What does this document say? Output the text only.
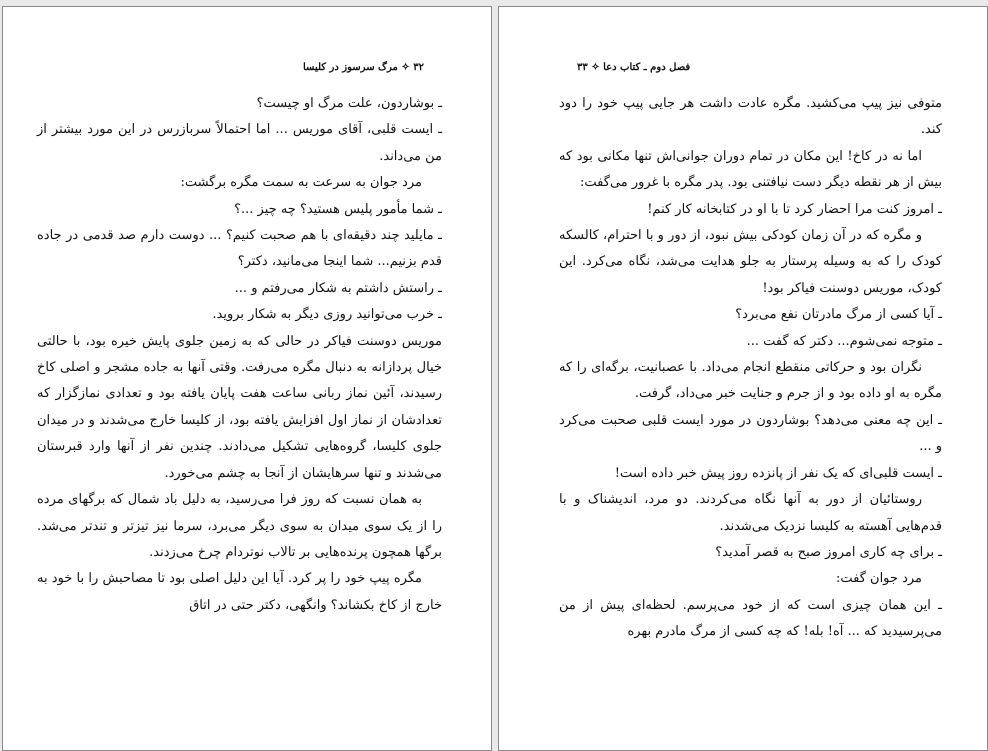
۳۲ ✧ مرگ سرسوز در کلیسا

ـ بوشاردون، علت مرگ او چیست؟

ـ ایست قلبی، آقای موریس ... اما احتمالاً سربازرس در این مورد بیشتر از من می‌داند.

مرد جوان به سرعت به سمت مگره برگشت:

ـ شما مأمور پلیس هستید؟ چه چیز ...؟

ـ مایلید چند دقیقه‌ای با هم صحبت کنیم؟ ... دوست دارم صد قدمی در جاده قدم بزنیم... شما اینجا می‌مانید، دکتر؟

ـ راستش داشتم به شکار می‌رفتم و ...

ـ خرب می‌توانید روزی دیگر به شکار بروید.

موریس دوسنت فیاکر در حالی که به زمین جلوی پایش خیره بود، با حالتی خیال پردازانه به دنبال مگره می‌رفت. وقتی آنها به جاده مشجر و اصلی کاخ رسیدند، آئین نماز ربانی ساعت هفت پایان یافته بود و تعدادی نمازگزار که تعدادشان از نماز اول افزایش یافته بود، از کلیسا خارج می‌شدند و در میدان جلوی کلیسا، گروه‌هایی تشکیل می‌دادند. چندین نفر از آنها وارد قبرستان می‌شدند و تنها سرهایشان از آنجا به چشم می‌خورد.

به همان نسبت که روز فرا می‌رسید، به دلیل باد شمال که برگهای مرده را از یک سوی میدان به سوی دیگر می‌برد، سرما نیز تیزتر و تندتر می‌شد. برگها همچون پرنده‌هایی بر تالاب نوتردام چرخ می‌زدند.

مگره پیپ خود را پر کرد. آیا این دلیل اصلی بود تا مصاحبش را با خود به خارج از کاخ بکشاند؟ وانگهی، دکتر حتی در اتاق

فصل دوم ـ کتاب دعا ✧ ۳۳

متوفی نیز پیپ می‌کشید. مگره عادت داشت هر جایی پیپ خود را دود کند.

اما نه در کاخ! این مکان در تمام دوران جوانی‌اش تنها مکانی بود که بیش از هر نقطه دیگر دست نیافتنی بود. پدر مگره با غرور می‌گفت:

ـ امروز کنت مرا احضار کرد تا با او در کتابخانه کار کنم!

و مگره که در آن زمان کودکی بیش نبود، از دور و با احترام، کالسکه کودک را که به وسیله پرستار به جلو هدایت می‌شد، نگاه می‌کرد. این کودک، موریس دوسنت فیاکر بود!

ـ آیا کسی از مرگ مادرتان نفع می‌برد؟

ـ متوجه نمی‌شوم... دکتر که گفت ...

نگران بود و حرکاتی منقطع انجام می‌داد. با عصبانیت، برگه‌ای را که مگره به او داده بود و از جرم و جنایت خبر می‌داد، گرفت.

ـ این چه معنی می‌دهد؟ بوشاردون در مورد ایست قلبی صحبت می‌کرد و ...

ـ ایست قلبی‌ای که یک نفر از پانزده روز پیش خبر داده است!

روستائیان از دور به آنها نگاه می‌کردند. دو مرد، اندیشناک و با قدم‌هایی آهسته به کلیسا نزدیک می‌شدند.

ـ برای چه کاری امروز صبح به قصر آمدید؟

مرد جوان گفت:

ـ این همان چیزی است که از خود می‌پرسم. لحظه‌ای پیش از من می‌پرسیدید که ... آه! بله! که چه کسی از مرگ مادرم بهره
